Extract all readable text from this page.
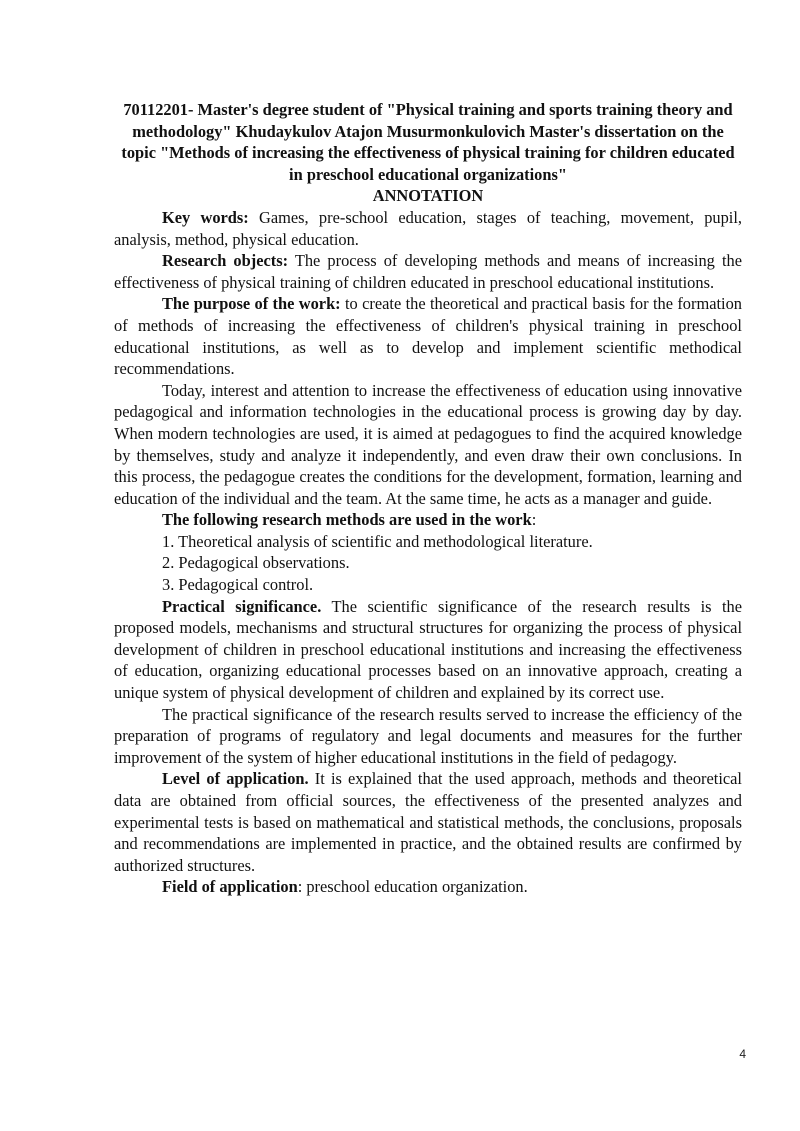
70112201- Master's degree student of "Physical training and sports training theory and methodology" Khudaykulov Atajon Musurmonkulovich Master's dissertation on the topic "Methods of increasing the effectiveness of physical training for children educated in preschool educational organizations"

ANNOTATION

Key words: Games, pre-school education, stages of teaching, movement, pupil, analysis, method, physical education.

Research objects: The process of developing methods and means of increasing the effectiveness of physical training of children educated in preschool educational institutions.

The purpose of the work: to create the theoretical and practical basis for the formation of methods of increasing the effectiveness of children's physical training in preschool educational institutions, as well as to develop and implement scientific methodical recommendations.

Today, interest and attention to increase the effectiveness of education using innovative pedagogical and information technologies in the educational process is growing day by day. When modern technologies are used, it is aimed at pedagogues to find the acquired knowledge by themselves, study and analyze it independently, and even draw their own conclusions. In this process, the pedagogue creates the conditions for the development, formation, learning and education of the individual and the team. At the same time, he acts as a manager and guide.

The following research methods are used in the work:

1. Theoretical analysis of scientific and methodological literature.

2. Pedagogical observations.

3. Pedagogical control.

Practical significance. The scientific significance of the research results is the proposed models, mechanisms and structural structures for organizing the process of physical development of children in preschool educational institutions and increasing the effectiveness of education, organizing educational processes based on an innovative approach, creating a unique system of physical development of children and explained by its correct use.

The practical significance of the research results served to increase the efficiency of the preparation of programs of regulatory and legal documents and measures for the further improvement of the system of higher educational institutions in the field of pedagogy.

Level of application. It is explained that the used approach, methods and theoretical data are obtained from official sources, the effectiveness of the presented analyzes and experimental tests is based on mathematical and statistical methods, the conclusions, proposals and recommendations are implemented in practice, and the obtained results are confirmed by authorized structures.

Field of application: preschool education organization.

4
